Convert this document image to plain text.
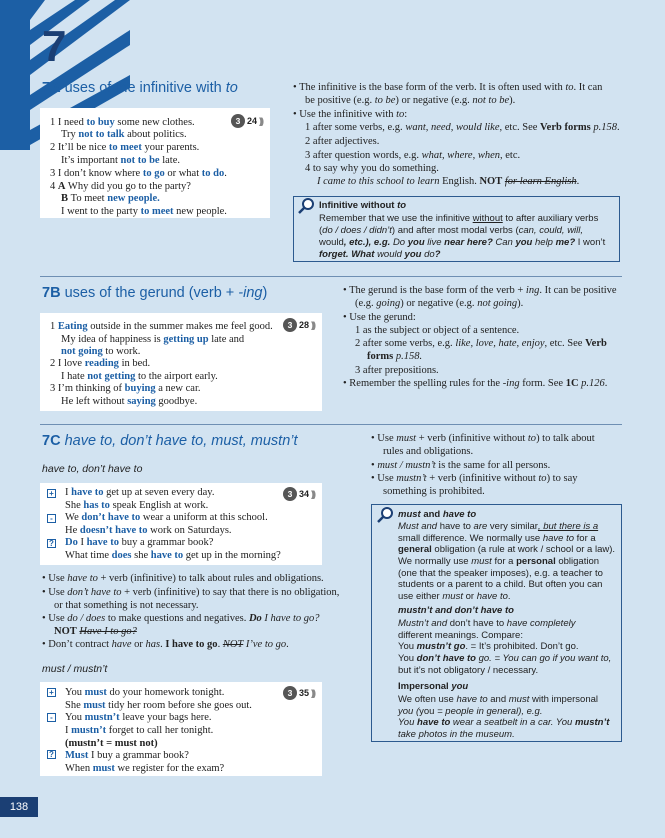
7
7A uses of the infinitive with to
3 24 )))
1 I need to buy some new clothes.
Try not to talk about politics.
2 It’ll be nice to meet your parents.
It’s important not to be late.
3 I don’t know where to go or what to do.
4 A Why did you go to the party?
B To meet new people.
I went to the party to meet new people.
• The infinitive is the base form of the verb. It is often used with to. It can
be positive (e.g. to be) or negative (e.g. not to be).
• Use the infinitive with to:
1 after some verbs, e.g. want, need, would like, etc. See Verb forms p.158.
2 after adjectives.
3 after question words, e.g. what, where, when, etc.
4 to say why you do something.
I came to this school to learn English. NOT for learn English.
Infinitive without to
Remember that we use the infinitive without to after auxiliary verbs
(do / does / didn’t) and after most modal verbs (can, could, will,
would, etc.), e.g. Do you live near here? Can you help me? I won’t
forget. What would you do?
7B uses of the gerund (verb + -ing)
3 28 )))
1 Eating outside in the summer makes me feel good.
My idea of happiness is getting up late and
not going to work.
2 I love reading in bed.
I hate not getting to the airport early.
3 I’m thinking of buying a new car.
He left without saying goodbye.
• The gerund is the base form of the verb + ing. It can be positive
(e.g. going) or negative (e.g. not going).
• Use the gerund:
1 as the subject or object of a sentence.
2 after some verbs, e.g. like, love, hate, enjoy, etc. See Verb
forms p.158.
3 after prepositions.
• Remember the spelling rules for the -ing form. See 1C p.126.
7C have to, don’t have to, must, mustn’t
have to, don’t have to
3 34 )))
+
-
?
I have to get up at seven every day.
She has to speak English at work.
We don’t have to wear a uniform at this school.
He doesn’t have to work on Saturdays.
Do I have to buy a grammar book?
What time does she have to get up in the morning?
• Use have to + verb (infinitive) to talk about rules and obligations.
• Use don’t have to + verb (infinitive) to say that there is no obligation,
or that something is not necessary.
• Use do / does to make questions and negatives. Do I have to go?
NOT Have I to go?
• Don’t contract have or has. I have to go. NOT I’ve to go.
must / mustn’t
3 35 )))
+
-
?
You must do your homework tonight.
She must tidy her room before she goes out.
You mustn’t leave your bags here.
I mustn’t forget to call her tonight.
(mustn’t = must not)
Must I buy a grammar book?
When must we register for the exam?
• Use must + verb (infinitive without to) to talk about
rules and obligations.
• must / mustn’t is the same for all persons.
• Use mustn’t + verb (infinitive without to) to say
something is prohibited.
must and have to
Must and have to are very similar, but there is a
small difference. We normally use have to for a
general obligation (a rule at work / school or a law).
We normally use must for a personal obligation
(one that the speaker imposes), e.g. a teacher to
students or a parent to a child. But often you can
use either must or have to.
mustn’t and don’t have to
Mustn’t and don’t have to have completely
different meanings. Compare:
You mustn’t go. = It’s prohibited. Don’t go.
You don’t have to go. = You can go if you want to,
but it’s not obligatory / necessary.
Impersonal you
We often use have to and must with impersonal
you (you = people in general), e.g.
You have to wear a seatbelt in a car. You mustn’t
take photos in the museum.
138
